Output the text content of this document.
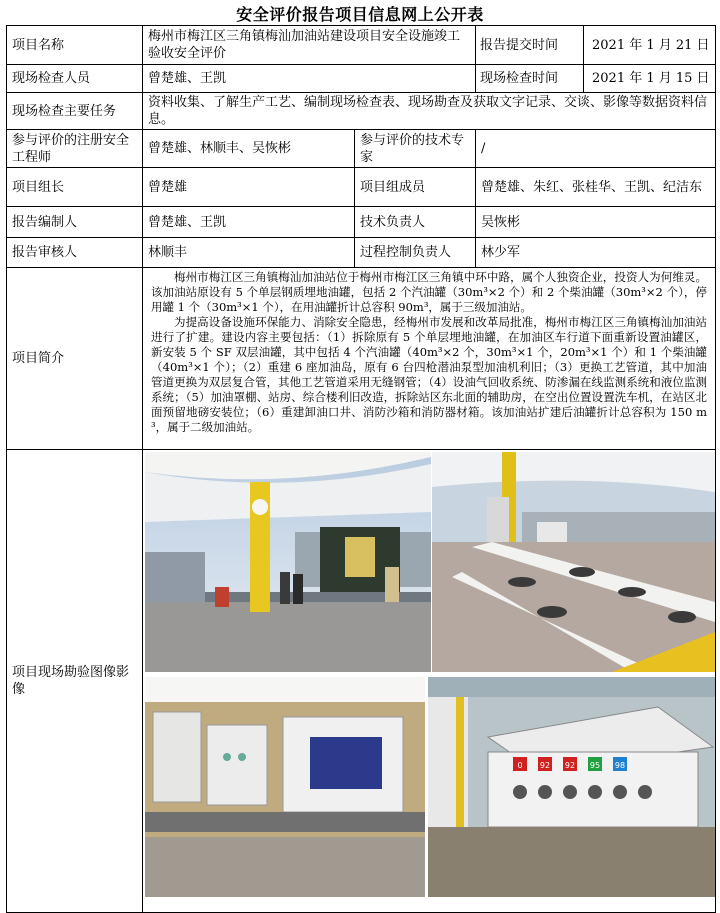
安全评价报告项目信息网上公开表
项目名称	梅州市梅江区三角镇梅汕加油站建设项目安全设施竣工验收安全评价		报告提交时间 2021 年 1 月 21 日

现场检查人员	曾楚雄、王凯		现场检查时间 2021 年 1 月 15 日

现场检查主要任务	资料收集、了解生产工艺、编制现场检查表、现场勘查及获取文字记录、交谈、影像等数据资料信息。		
参与评价的注册安全工程师	曾楚雄、林顺丰、吴恢彬	参与评价的技术专家	/
项目组长	曾楚雄	项目组成员	曾楚雄、朱红、张桂华、王凯、纪洁东
报告编制人	曾楚雄、王凯	技术负责人	吴恢彬
报告审核人	林顺丰	过程控制负责人	林少军
项目简介	梅州市梅江区三角镇梅汕加油站位于梅州市梅江区三角镇中环中路，属个人独资企业，投资人为何维灵。该加油站原设有 5 个单层钢质埋地油罐，包括 2 个汽油罐（30m³×2 个）和 2 个柴油罐（30m³×2 个），停用罐 1 个（30m³×1 个），在用油罐折计总容积 90m³，属于三级加油站。

为提高设备设施环保能力、消除安全隐患，经梅州市发展和改革局批准，梅州市梅江区三角镇梅汕加油站进行了扩建。建设内容主要包括：（1）拆除原有 5 个单层埋地油罐，在加油区车行道下面重新设置油罐区，新安装 5 个 SF 双层油罐，其中包括 4 个汽油罐（40m³×2 个，30m³×1 个，20m³×1 个）和 1 个柴油罐（40m³×1 个）；（2）重建 6 座加油岛，原有 6 台四枪潜油泵型加油机利旧；（3）更换工艺管道，其中加油管道更换为双层复合管，其他工艺管道采用无缝钢管；（4）设油气回收系统、防渗漏在线监测系统和液位监测系统；（5）加油罩棚、站房、综合楼利旧改造，拆除站区东北面的辅助房，在空出位置设置洗车机，在站区北面预留地磅安装位；（6）重建卸油口井、消防沙箱和消防器材箱。该加油站扩建后油罐折计总容积为 150 m³，属于二级加油站。		

项目现场勘验图像影像	0 92 92 95 98		
